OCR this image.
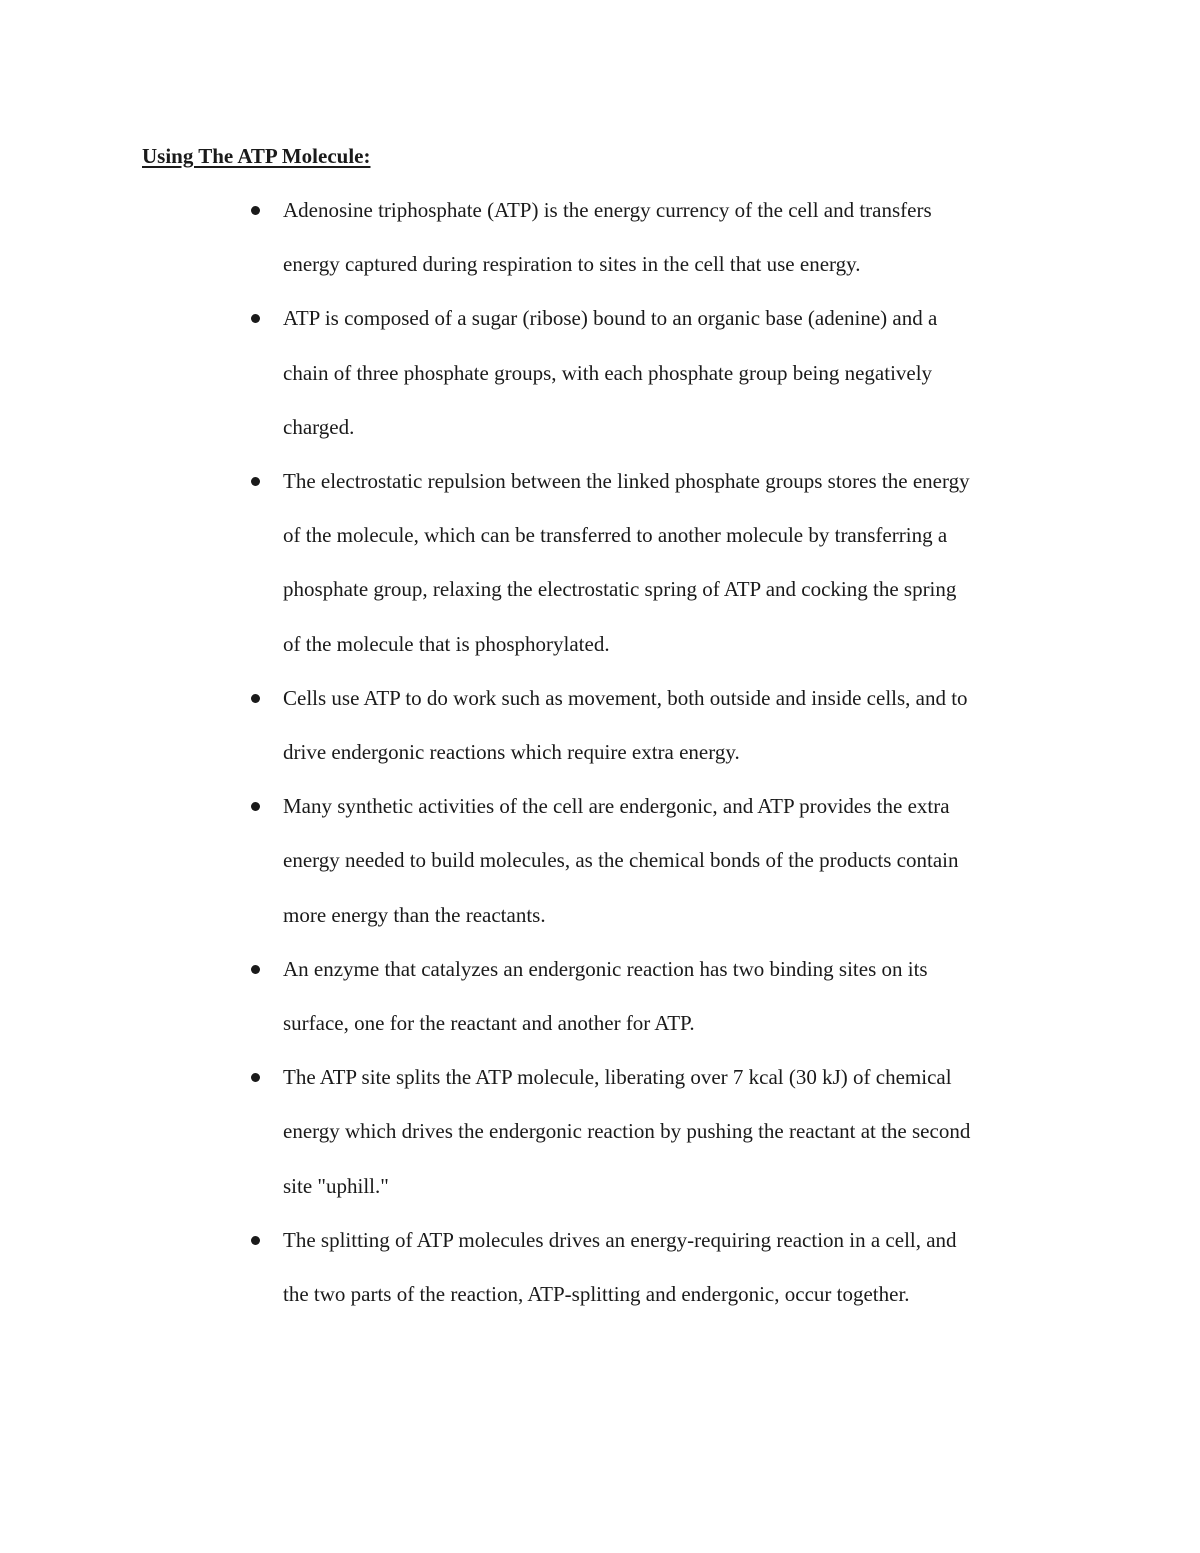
Using The ATP Molecule:
Adenosine triphosphate (ATP) is the energy currency of the cell and transfers
energy captured during respiration to sites in the cell that use energy.
ATP is composed of a sugar (ribose) bound to an organic base (adenine) and a
chain of three phosphate groups, with each phosphate group being negatively
charged.
The electrostatic repulsion between the linked phosphate groups stores the energy
of the molecule, which can be transferred to another molecule by transferring a
phosphate group, relaxing the electrostatic spring of ATP and cocking the spring
of the molecule that is phosphorylated.
Cells use ATP to do work such as movement, both outside and inside cells, and to
drive endergonic reactions which require extra energy.
Many synthetic activities of the cell are endergonic, and ATP provides the extra
energy needed to build molecules, as the chemical bonds of the products contain
more energy than the reactants.
An enzyme that catalyzes an endergonic reaction has two binding sites on its
surface, one for the reactant and another for ATP.
The ATP site splits the ATP molecule, liberating over 7 kcal (30 kJ) of chemical
energy which drives the endergonic reaction by pushing the reactant at the second
site "uphill."
The splitting of ATP molecules drives an energy-requiring reaction in a cell, and
the two parts of the reaction, ATP-splitting and endergonic, occur together.
